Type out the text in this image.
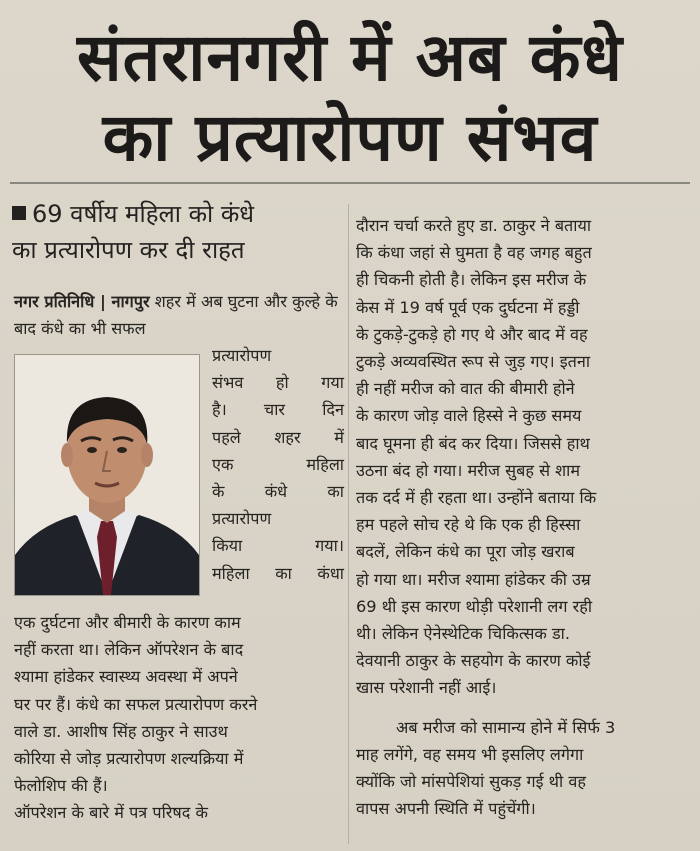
संतरानगरी में अब कंधे
का प्रत्यारोपण संभव
69 वर्षीय महिला को कंधे
का प्रत्यारोपण कर दी राहत

नगर प्रतिनिधि | नागपुर शहर में अब घुटना और कुल्हे के बाद कंधे का भी सफल

प्रत्यारोपण
संभव हो गया
है। चार दिन
पहले शहर में
एक महिला
के कंधे का
प्रत्यारोपण
किया गया।
महिला का कंधा
एक दुर्घटना और बीमारी के कारण काम
नहीं करता था। लेकिन ऑपरेशन के बाद
श्यामा हांडेकर स्वास्थ्य अवस्था में अपने
घर पर हैं। कंधे का सफल प्रत्यारोपण करने
वाले डा. आशीष सिंह ठाकुर ने साउथ
कोरिया से जोड़ प्रत्यारोपण शल्यक्रिया में
फेलोशिप की हैं।
ऑपरेशन के बारे में पत्र परिषद के
दौरान चर्चा करते हुए डा. ठाकुर ने बताया
कि कंधा जहां से घुमता है वह जगह बहुत
ही चिकनी होती है। लेकिन इस मरीज के
केस में 19 वर्ष पूर्व एक दुर्घटना में हड्डी
के टुकड़े-टुकड़े हो गए थे और बाद में वह
टुकड़े अव्यवस्थित रूप से जुड़ गए। इतना
ही नहीं मरीज को वात की बीमारी होने
के कारण जोड़ वाले हिस्से ने कुछ समय
बाद घूमना ही बंद कर दिया। जिससे हाथ
उठना बंद हो गया। मरीज सुबह से शाम
तक दर्द में ही रहता था। उन्होंने बताया कि
हम पहले सोच रहे थे कि एक ही हिस्सा
बदलें, लेकिन कंधे का पूरा जोड़ खराब
हो गया था। मरीज श्यामा हांडेकर की उम्र
69 थी इस कारण थोड़ी परेशानी लग रही
थी। लेकिन ऐनेस्थेटिक चिकित्सक डा.
देवयानी ठाकुर के सहयोग के कारण कोई
खास परेशानी नहीं आई।
अब मरीज को सामान्य होने में सिर्फ 3
माह लगेंगे, वह समय भी इसलिए लगेगा
क्योंकि जो मांसपेशियां सुकड़ गई थी वह
वापस अपनी स्थिति में पहुंचेंगी।
